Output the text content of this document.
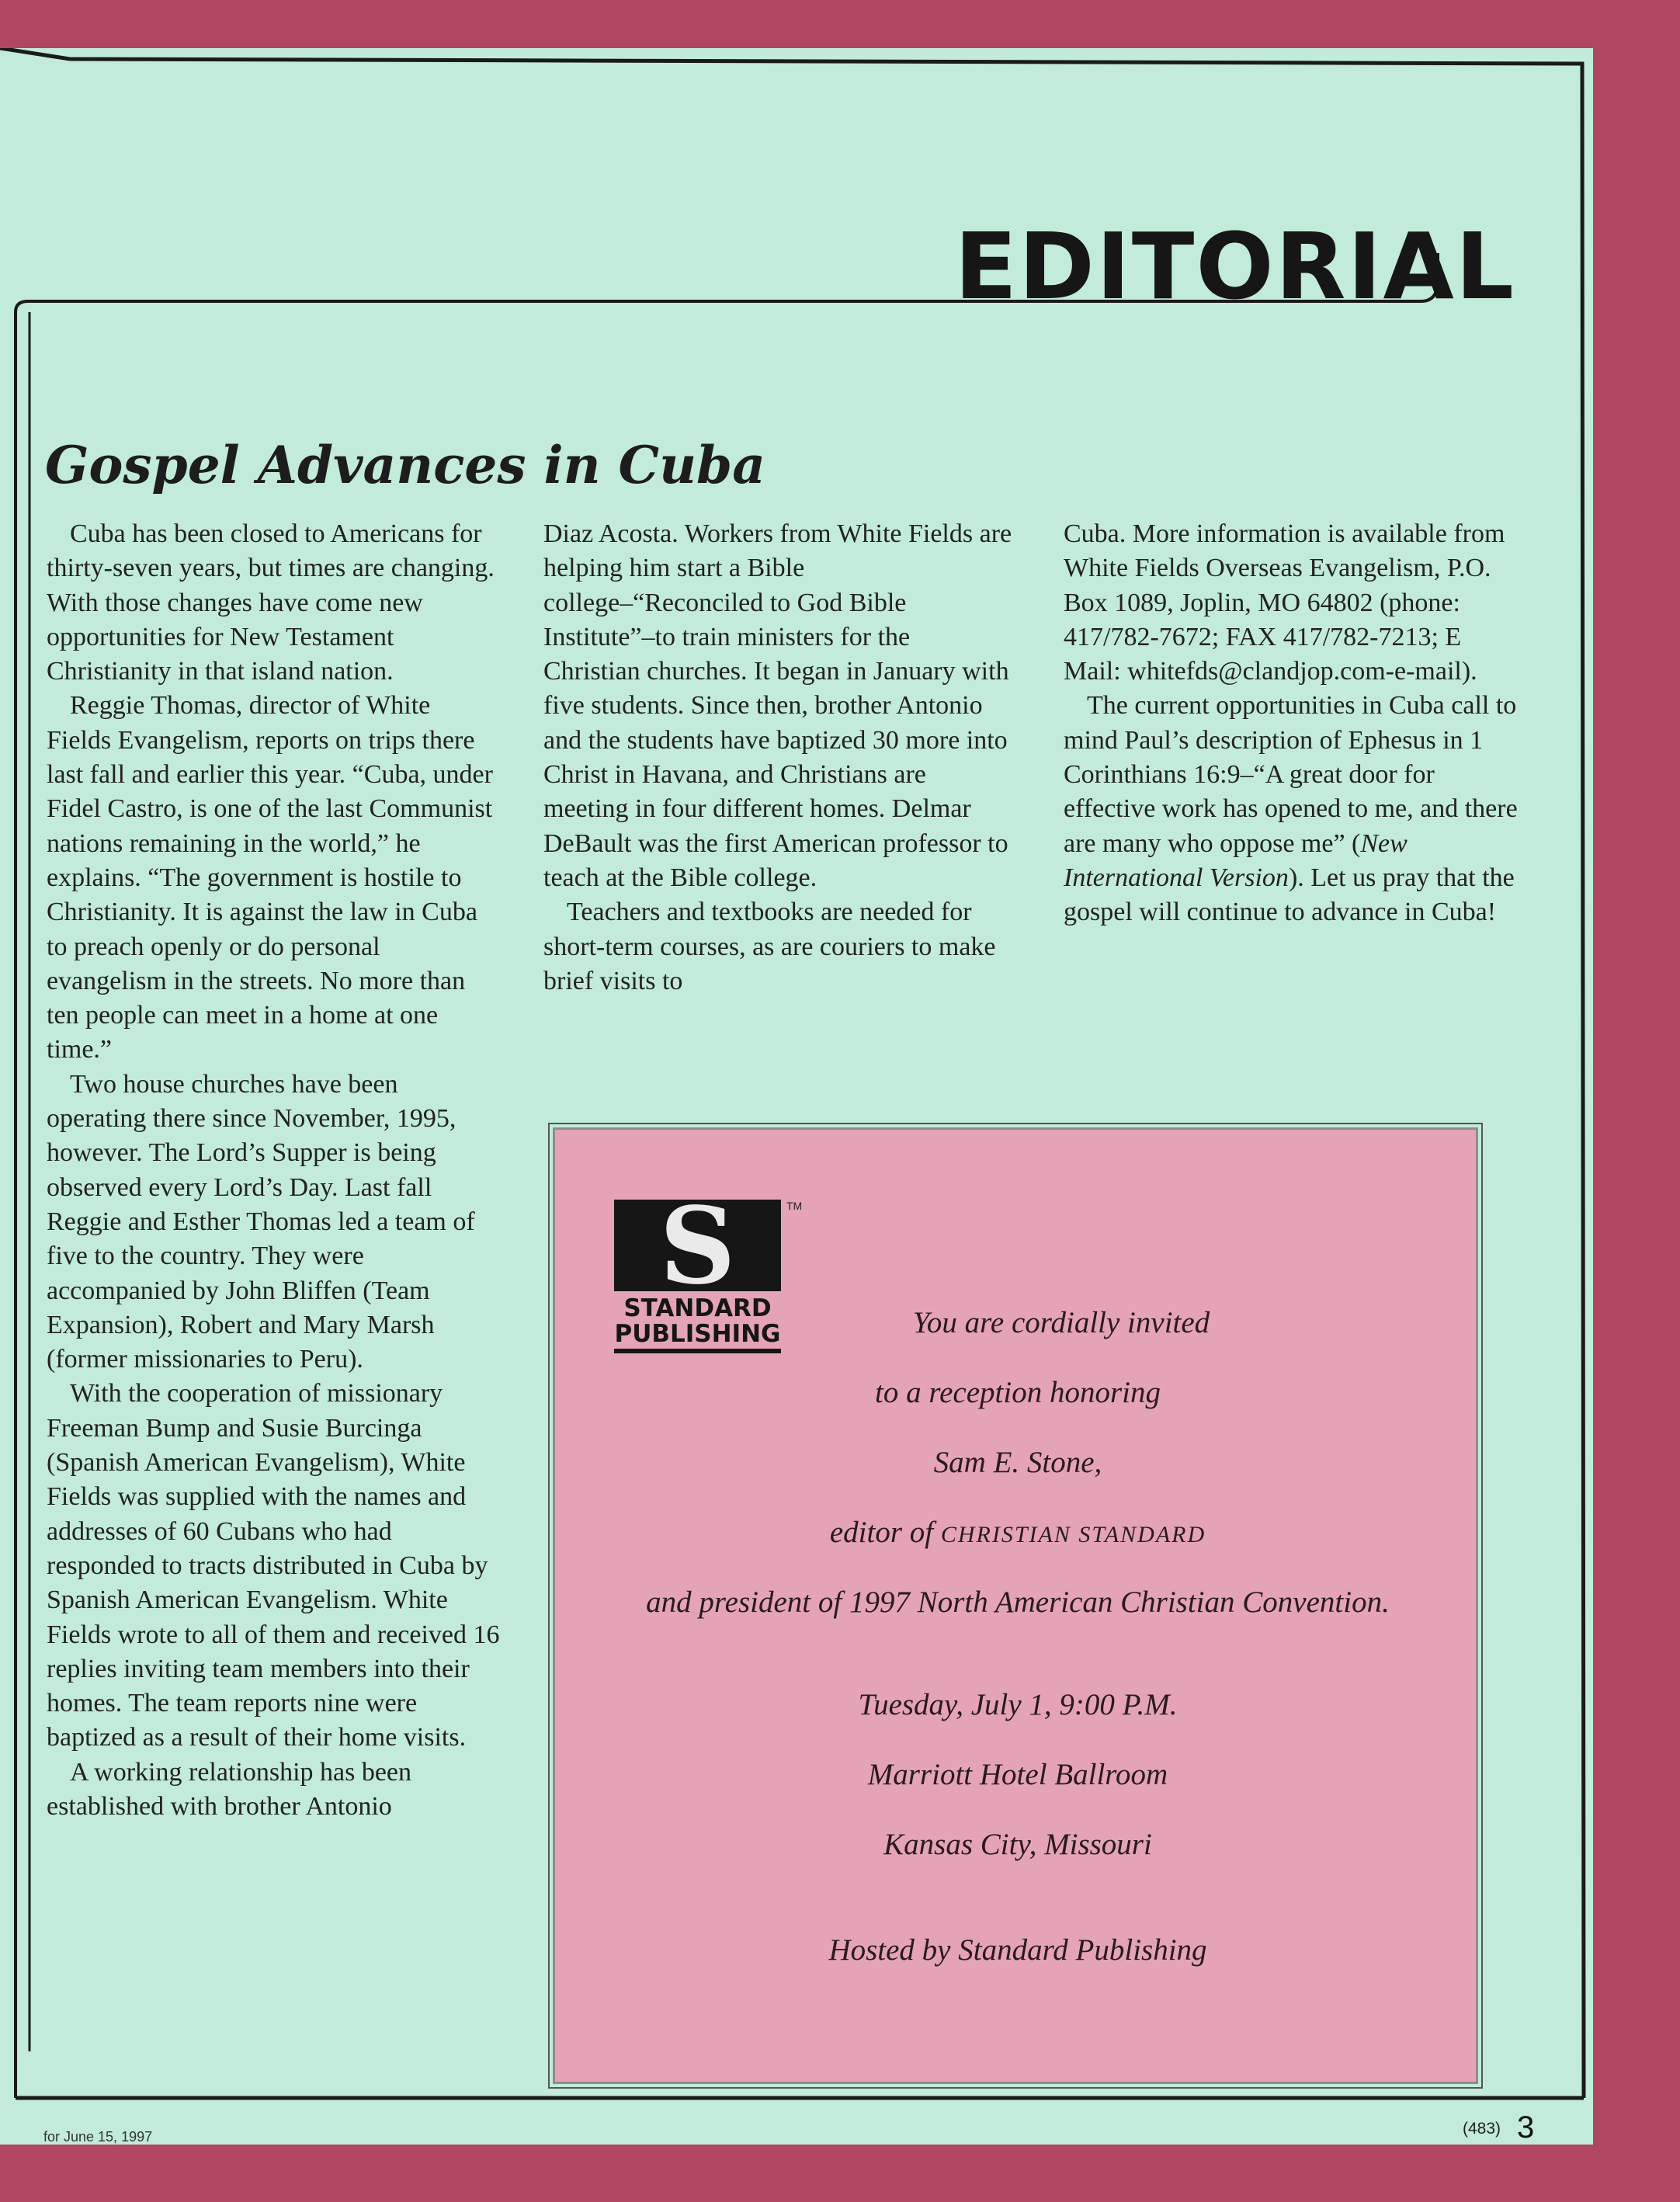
EDITORIAL
Gospel Advances in Cuba

Cuba has been closed to Americans for thirty-seven years, but times are changing. With those changes have come new opportunities for New Testament Christianity in that island nation.

Reggie Thomas, director of White Fields Evangelism, reports on trips there last fall and earlier this year. “Cuba, under Fidel Castro, is one of the last Communist nations remaining in the world,” he explains. “The government is hostile to Christianity. It is against the law in Cuba to preach openly or do personal evangelism in the streets. No more than ten people can meet in a home at one time.”

Two house churches have been operating there since November, 1995, however. The Lord’s Supper is being observed every Lord’s Day. Last fall Reggie and Esther Thomas led a team of five to the country. They were accompanied by John Bliffen (Team Expansion), Robert and Mary Marsh (former missionaries to Peru).

With the cooperation of missionary Freeman Bump and Susie Burcinga (Spanish American Evangelism), White Fields was supplied with the names and addresses of 60 Cubans who had responded to tracts distributed in Cuba by Spanish American Evangelism. White Fields wrote to all of them and received 16 replies inviting team members into their homes. The team reports nine were baptized as a result of their home visits.

A working relationship has been established with brother Antonio

Diaz Acosta. Workers from White Fields are helping him start a Bible college–“Reconciled to God Bible Institute”–to train ministers for the Christian churches. It began in January with five students. Since then, brother Antonio and the students have baptized 30 more into Christ in Havana, and Christians are meeting in four different homes. Delmar DeBault was the first American professor to teach at the Bible college.

Teachers and textbooks are needed for short-term courses, as are couriers to make brief visits to

Cuba. More information is available from White Fields Overseas Evangelism, P.O. Box 1089, Joplin, MO 64802 (phone: 417/782-7672; FAX 417/782-7213; E Mail: whitefds@clandjop.com-e-mail).

The current opportunities in Cuba call to mind Paul’s description of Ephesus in 1 Corinthians 16:9–“A great door for effective work has opened to me, and there are many who oppose me” (New International Version). Let us pray that the gospel will continue to advance in Cuba!

S	TM
STANDARD
PUBLISHING	You are cordially invited
to a reception honoring
Sam E. Stone,
editor of CHRISTIAN STANDARD
and president of 1997 North American Christian Convention.
Tuesday, July 1, 9:00 P.M.
Marriott Hotel Ballroom
Kansas City, Missouri
Hosted by Standard Publishing
for June 15, 1997	(483) 3
